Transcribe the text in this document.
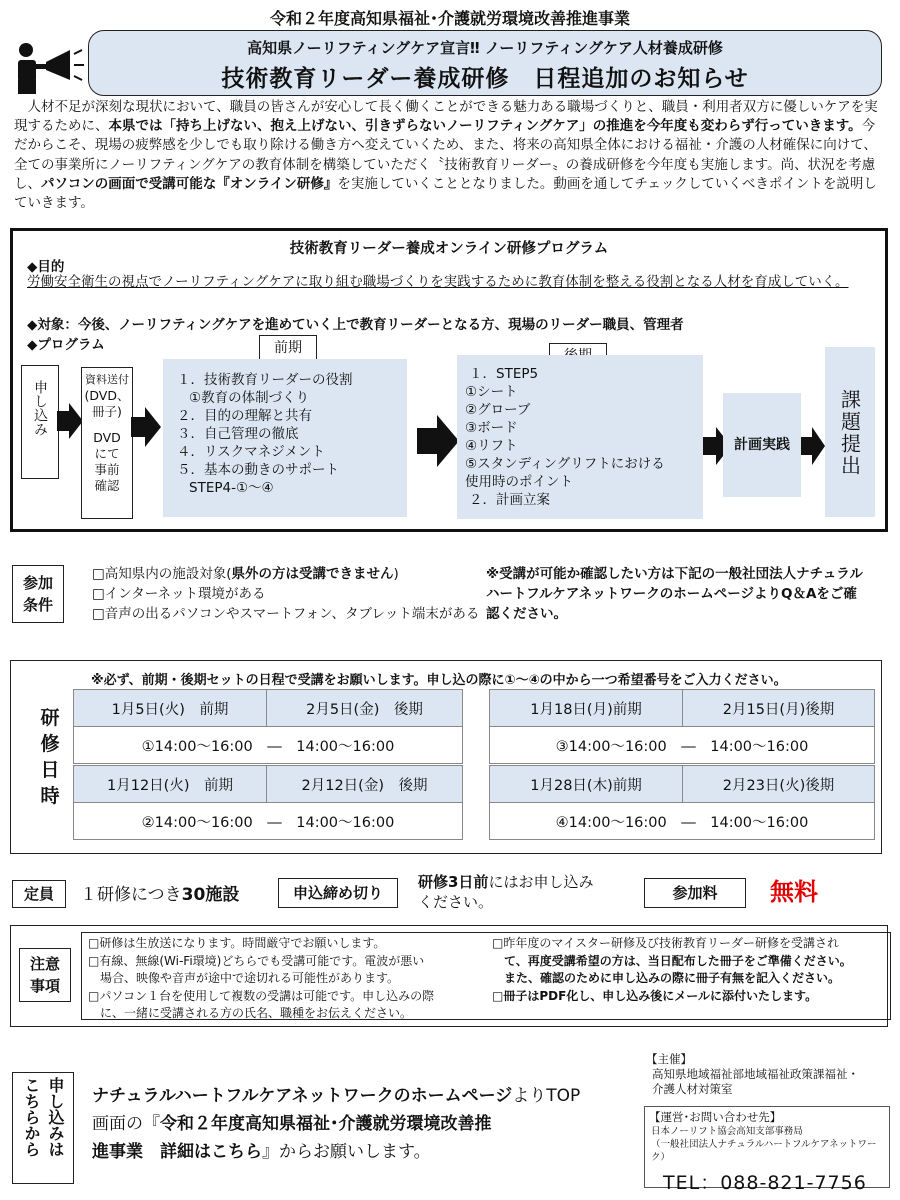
令和２年度高知県福祉･介護就労環境改善推進事業
高知県ノーリフティングケア宣言‼ ノーリフティングケア人材養成研修
技術教育リーダー養成研修　日程追加のお知らせ
人材不足が深刻な現状において、職員の皆さんが安心して長く働くことができる魅力ある職場づくりと、職員・利用者双方に優しいケアを実現するために、本県では「持ち上げない、抱え上げない、引きずらないノーリフティングケア」の推進を今年度も変わらず行っていきます。今だからこそ、現場の疲弊感を少しでも取り除ける働き方へ変えていくため、また、将来の高知県全体における福祉・介護の人材確保に向けて、全ての事業所にノーリフティングケアの教育体制を構築していただく〝技術教育リーダー〟の養成研修を今年度も実施します。尚、状況を考慮し、パソコンの画面で受講可能な『オンライン研修』を実施していくこととなりました。動画を通してチェックしていくべきポイントを説明していきます。
技術教育リーダー養成オンライン研修プログラム
◆目的
労働安全衛生の視点でノーリフティングケアに取り組む職場づくりを実践するために教育体制を整える役割となる人材を育成していく。
◆対象：今後、ノーリフティングケアを進めていく上で教育リーダーとなる方、現場のリーダー職員、管理者
◆プログラム
申し込み
資料送付
(DVD、
冊子)
DVD
にて
事前
確認
前期
１．技術教育リーダーの役割
①教育の体制づくり
２．目的の理解と共有
３．自己管理の徹底
４．リスクマネジメント
５．基本の動きのサポート
STEP4-①～④
１．STEP5
①シート
②グローブ
③ボード
④リフト
⑤スタンディングリフトにおける
使用時のポイント
２．計画立案
計画実践	課題提出
参加
条件
□高知県内の施設対象(県外の方は受講できません)
□インターネット環境がある
□音声の出るパソコンやスマートフォン、タブレット端末がある
※受講が可能か確認したい方は下記の一般社団法人ナチュラルハートフルケアネットワークのホームページよりQ＆Aをご確認ください。
研
修
日
時
※必ず、前期・後期セットの日程で受講をお願いします。申し込の際に①～④の中から一つ希望番号をご入力ください。
1月5日(火)　前期	2月5日(金)　後期
①14:00～16:00　―　14:00～16:00
1月18日(月)前期	2月15日(月)後期
③14:00～16:00　―　14:00～16:00
1月12日(火)　前期	2月12日(金)　後期
②14:00～16:00　―　14:00～16:00
1月28日(木)前期	2月23日(火)後期
④14:00～16:00　―　14:00～16:00
定員	１研修につき30施設	申込締め切り
研修3日前にはお申し込み
ください。	参加料	無料
注意
事項
□研修は生放送になります。時間厳守でお願いします。
□有線、無線(Wi-Fi環境)どちらでも受講可能です。電波が悪い
　場合、映像や音声が途中で途切れる可能性があります。
□パソコン１台を使用して複数の受講は可能です。申し込みの際
　に、一緒に受講される方の氏名、職種をお伝えください。
□昨年度のマイスター研修及び技術教育リーダー研修を受講され
　て、再度受講希望の方は、当日配布した冊子をご準備ください。
　また、確認のために申し込みの際に冊子有無を記入ください。
□冊子はPDF化し、申し込み後にメールに添付いたします。
申し込みは
こちらから	ナチュラルハートフルケアネットワークのホームページよりTOP
画面の『令和２年度高知県福祉･介護就労環境改善推
進事業　詳細はこちら』からお願いします。
【主催】
高知県地域福祉部地域福祉政策課福祉・
介護人材対策室
【運営･お問い合わせ先】
日本ノーリフト協会高知支部事務局
（一般社団法人ナチュラルハートフルケアネットワーク）
TEL：088-821-7756
